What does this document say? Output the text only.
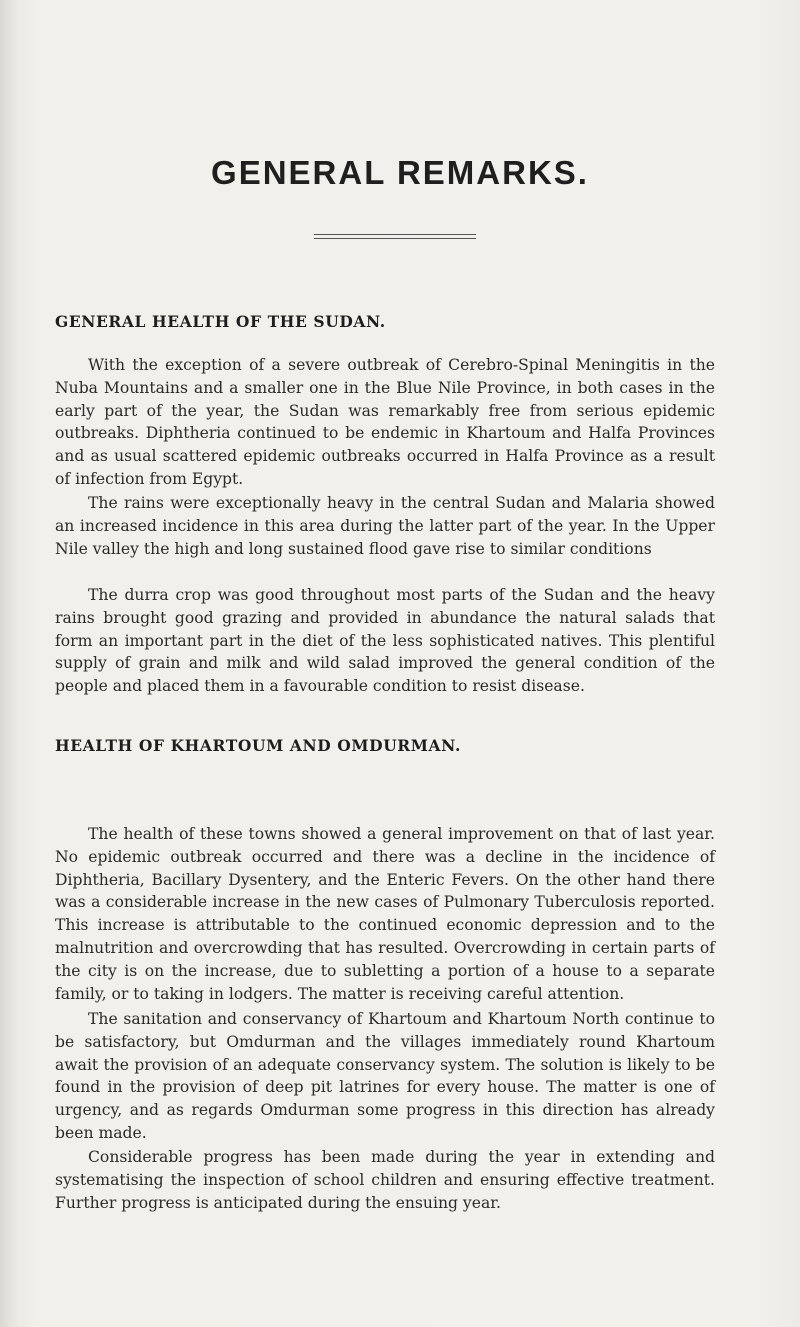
GENERAL REMARKS.
GENERAL HEALTH OF THE SUDAN.
With the exception of a severe outbreak of Cerebro-Spinal Meningitis in the Nuba Mountains and a smaller one in the Blue Nile Province, in both cases in the early part of the year, the Sudan was remarkably free from serious epidemic outbreaks. Diphtheria continued to be endemic in Khartoum and Halfa Provinces and as usual scattered epidemic outbreaks occurred in Halfa Province as a result of infection from Egypt.
The rains were exceptionally heavy in the central Sudan and Malaria showed an increased incidence in this area during the latter part of the year. In the Upper Nile valley the high and long sustained flood gave rise to similar conditions
The durra crop was good throughout most parts of the Sudan and the heavy rains brought good grazing and provided in abundance the natural salads that form an important part in the diet of the less sophisticated natives. This plentiful supply of grain and milk and wild salad improved the general condition of the people and placed them in a favourable condition to resist disease.
HEALTH OF KHARTOUM AND OMDURMAN.
The health of these towns showed a general improvement on that of last year. No epidemic outbreak occurred and there was a decline in the incidence of Diphtheria, Bacillary Dysentery, and the Enteric Fevers. On the other hand there was a considerable increase in the new cases of Pulmonary Tuberculosis reported. This increase is attributable to the continued economic depression and to the malnutrition and overcrowding that has resulted. Overcrowding in certain parts of the city is on the increase, due to subletting a portion of a house to a separate family, or to taking in lodgers. The matter is receiving careful attention.
The sanitation and conservancy of Khartoum and Khartoum North continue to be satisfactory, but Omdurman and the villages immediately round Khartoum await the provision of an adequate conservancy system. The solution is likely to be found in the provision of deep pit latrines for every house. The matter is one of urgency, and as regards Omdurman some progress in this direction has already been made.
Considerable progress has been made during the year in extending and systematising the inspection of school children and ensuring effective treatment. Further progress is anticipated during the ensuing year.
